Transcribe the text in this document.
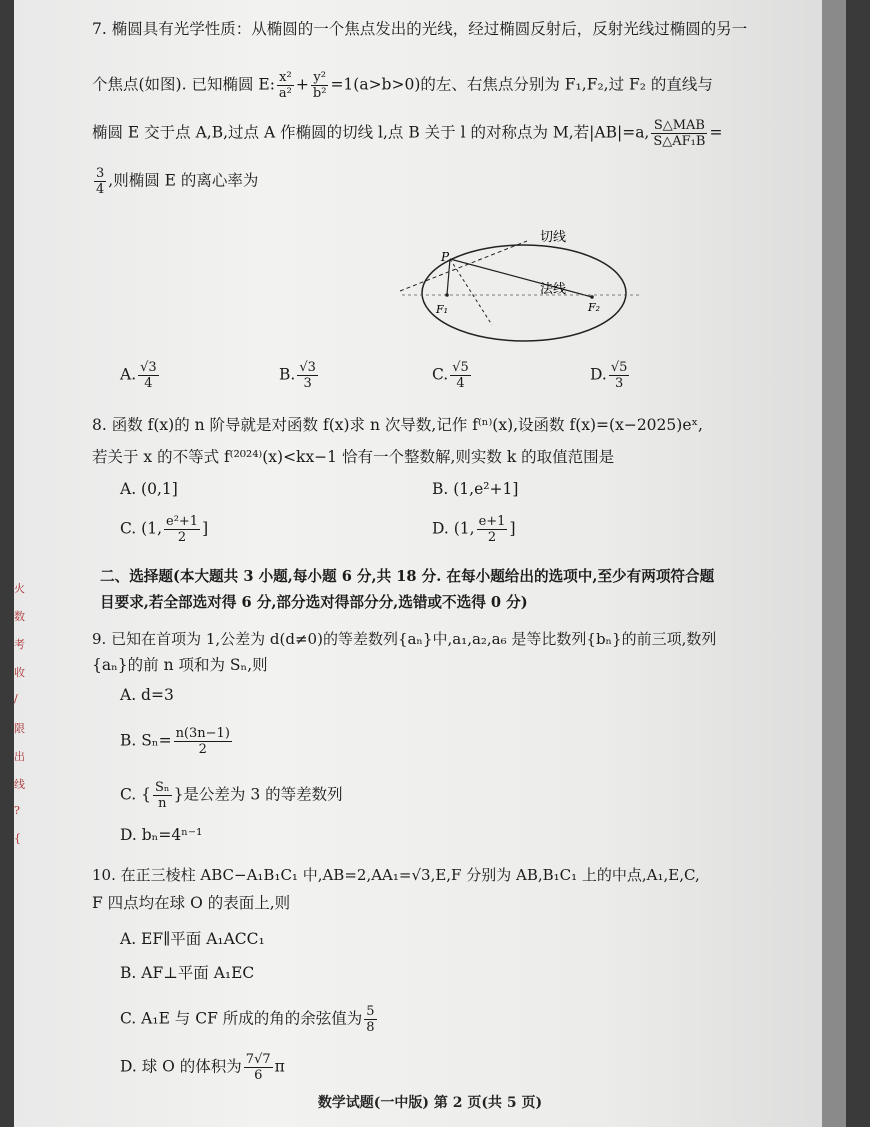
火
数
考
收
/
限
出
线
?
{
7. 椭圆具有光学性质：从椭圆的一个焦点发出的光线，经过椭圆反射后，反射光线过椭圆的另一
个焦点(如图). 已知椭圆 E: $\frac{\text{x²}}{\text{a²}} + \frac{\text{y²}}{\text{b²}} =1(a>b>0)$的左、右焦点分别为 F₁,F₂,过 F₂ 的直线与
椭圆 E 交于点 A,B,过点 A 作椭圆的切线 l,点 B 关于 l 的对称点为 M,若|AB|=a, $\frac{\text{S△MAB}}{\text{S△AF₁B}}$ =
$\frac{3}{4}$ ,则椭圆 E 的离心率为
切线
法线
P
F₁	F₂
A. $\frac{√3}{4}$	B. $\frac{√3}{3}$	C. $\frac{√5}{4}$	D. $\frac{√5}{3}$
8. 函数 f(x)的 n 阶导就是对函数 f(x)求 n 次导数,记作 f⁽ⁿ⁾(x),设函数 f(x)=(x−2025)eˣ,
若关于 x 的不等式 f⁽²⁰²⁴⁾(x)<kx−1 恰有一个整数解,则实数 k 的取值范围是
A. (0,1]	B. (1,e²+1]
C. (1, $\frac{\text{e²+1}}{2}$ ]	D. (1, $\frac{e+1}{2}$ ]
二、选择题(本大题共 3 小题,每小题 6 分,共 18 分. 在每小题给出的选项中,至少有两项符合题
目要求,若全部选对得 6 分,部分选对得部分分,选错或不选得 0 分)
9. 已知在首项为 1,公差为 d(d≠0)的等差数列{aₙ}中,a₁,a₂,a₆ 是等比数列{bₙ}的前三项,数列
{aₙ}的前 n 项和为 Sₙ,则
A. d=3
B. $S_n= \frac{n(3n-1)}{2}$
C. { $\frac{\text{Sₙ}}{n}$ }是公差为 3 的等差数列
D. bₙ=4ⁿ⁻¹
10. 在正三棱柱 ABC−A₁B₁C₁ 中,AB=2,AA₁=√3,E,F 分别为 AB,B₁C₁ 上的中点,A₁,E,C,
F 四点均在球 O 的表面上,则
A. EF∥平面 A₁ACC₁
B. AF⊥平面 A₁EC
C. A₁E 与 CF 所成的角的余弦值为 $\frac{5}{8}$
D. 球 O 的体积为 $\frac{7√7}{6}$ π
数学试题(一中版) 第 2 页(共 5 页)
